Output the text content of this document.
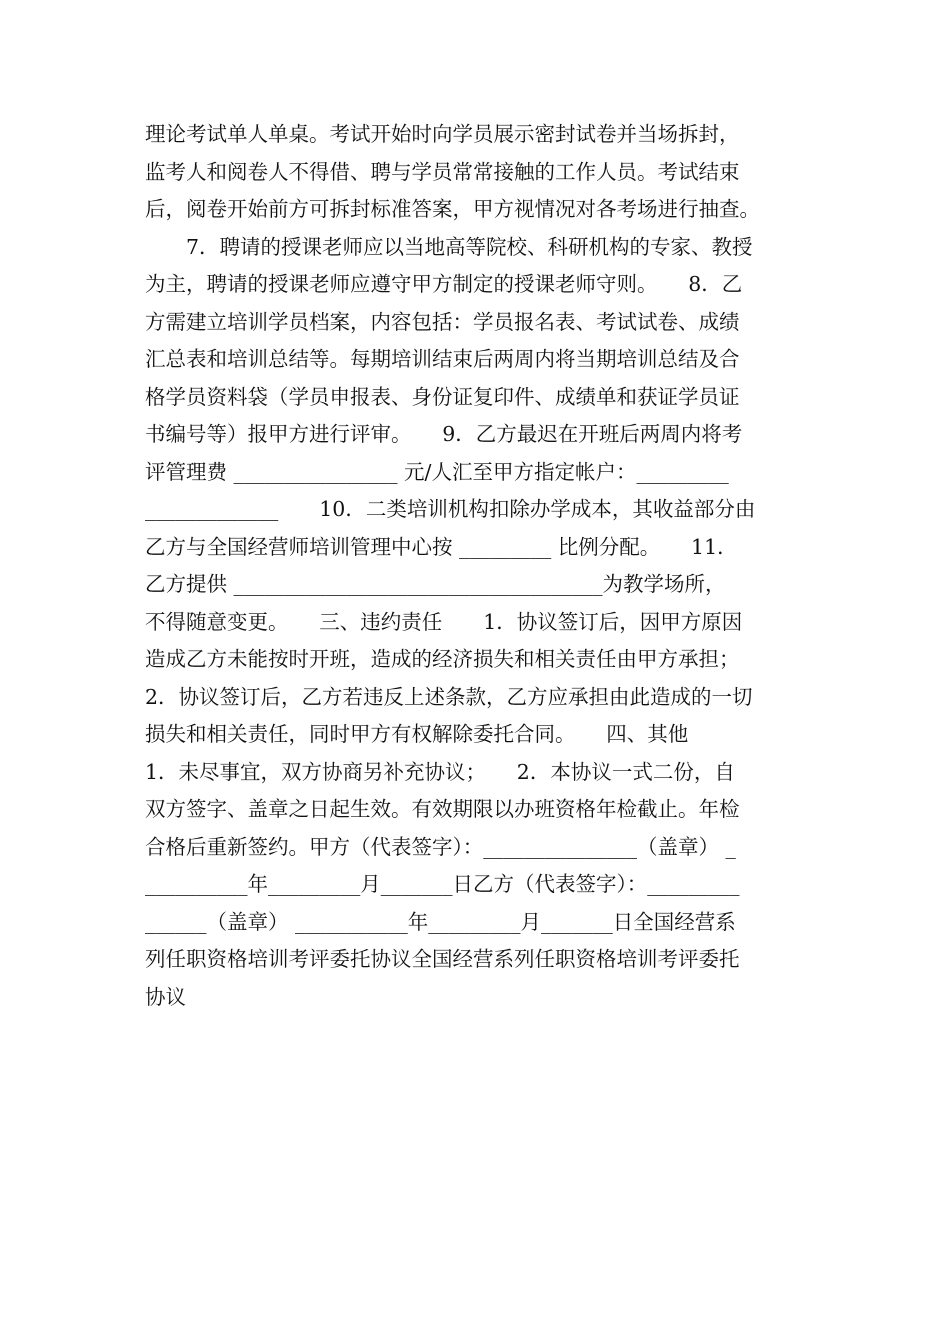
理论考试单人单桌。考试开始时向学员展示密封试卷并当场拆封，
监考人和阅卷人不得借、聘与学员常常接触的工作人员。考试结束
后，阅卷开始前方可拆封标准答案，甲方视情况对各考场进行抽查。
　　7．聘请的授课老师应以当地高等院校、科研机构的专家、教授
为主，聘请的授课老师应遵守甲方制定的授课老师守则。　　8．乙
方需建立培训学员档案，内容包括：学员报名表、考试试卷、成绩
汇总表和培训总结等。每期培训结束后两周内将当期培训总结及合
格学员资料袋（学员申报表、身份证复印件、成绩单和获证学员证
书编号等）报甲方进行评审。　　9．乙方最迟在开班后两周内将考
评管理费 ________________ 元/人汇至甲方指定帐户：_________
_____________　　10．二类培训机构扣除办学成本，其收益部分由
乙方与全国经营师培训管理中心按 _________ 比例分配。　　11．
乙方提供 ____________________________________为教学场所，
不得随意变更。　　三、违约责任　　1．协议签订后，因甲方原因
造成乙方未能按时开班，造成的经济损失和相关责任由甲方承担；
2．协议签订后，乙方若违反上述条款，乙方应承担由此造成的一切
损失和相关责任，同时甲方有权解除委托合同。　　四、其他
1．未尽事宜，双方协商另补充协议；　　2．本协议一式二份，自
双方签字、盖章之日起生效。有效期限以办班资格年检截止。年检
合格后重新签约。甲方（代表签字）：_______________（盖章） _
__________年_________月_______日乙方（代表签字）：_________
______（盖章） ___________年_________月_______日全国经营系
列任职资格培训考评委托协议全国经营系列任职资格培训考评委托
协议
